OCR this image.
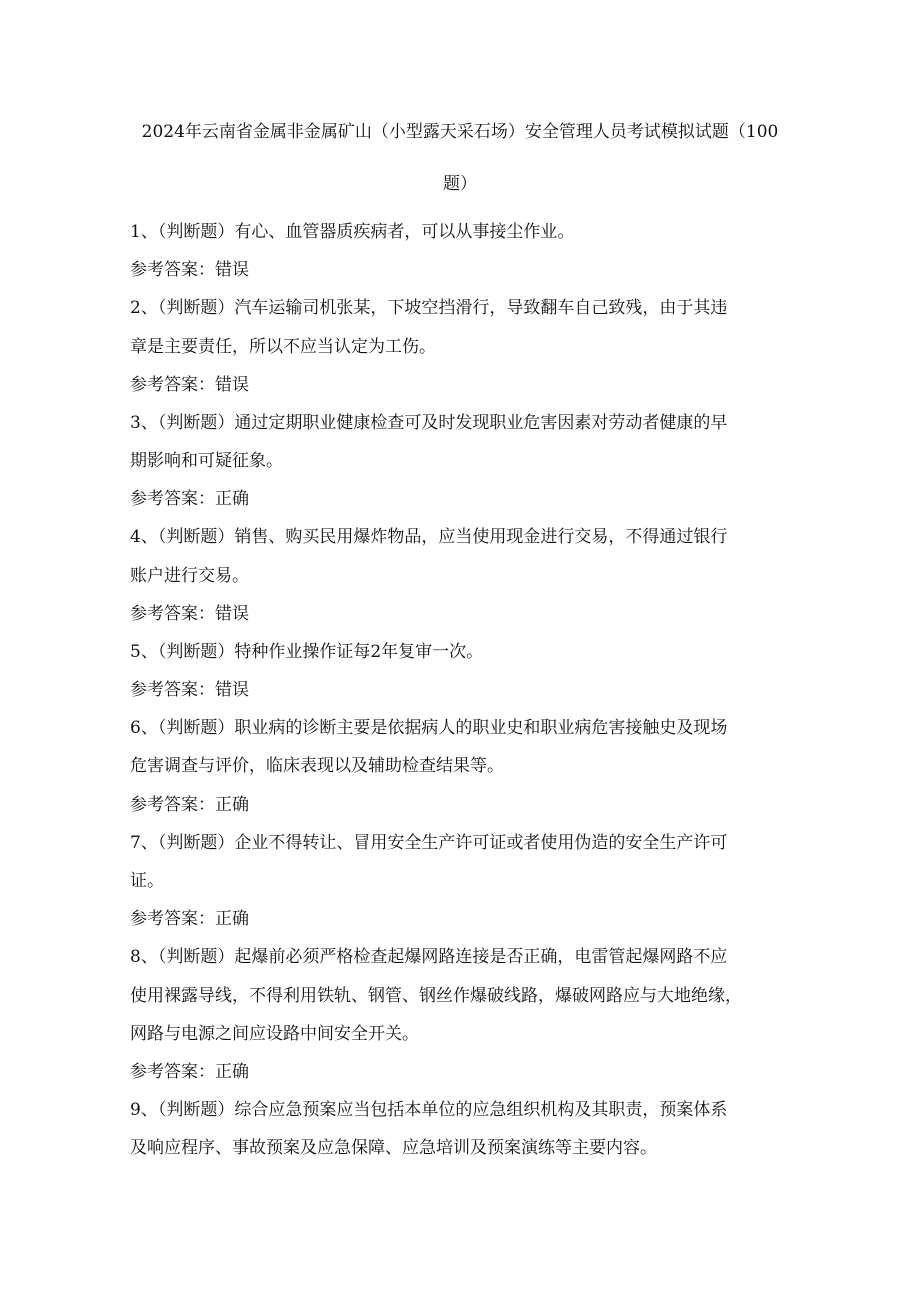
2024年云南省金属非金属矿山（小型露天采石场）安全管理人员考试模拟试题（100
题）
1、（判断题）有心、血管器质疾病者，可以从事接尘作业。
参考答案：错误
2、（判断题）汽车运输司机张某，下坡空挡滑行，导致翻车自己致残，由于其违
章是主要责任，所以不应当认定为工伤。
参考答案：错误
3、（判断题）通过定期职业健康检查可及时发现职业危害因素对劳动者健康的早
期影响和可疑征象。
参考答案：正确
4、（判断题）销售、购买民用爆炸物品，应当使用现金进行交易，不得通过银行
账户进行交易。
参考答案：错误
5、（判断题）特种作业操作证每2年复审一次。
参考答案：错误
6、（判断题）职业病的诊断主要是依据病人的职业史和职业病危害接触史及现场
危害调查与评价，临床表现以及辅助检查结果等。
参考答案：正确
7、（判断题）企业不得转让、冒用安全生产许可证或者使用伪造的安全生产许可
证。
参考答案：正确
8、（判断题）起爆前必须严格检查起爆网路连接是否正确，电雷管起爆网路不应
使用裸露导线，不得利用铁轨、钢管、钢丝作爆破线路，爆破网路应与大地绝缘，
网路与电源之间应设路中间安全开关。
参考答案：正确
9、（判断题）综合应急预案应当包括本单位的应急组织机构及其职责，预案体系
及响应程序、事故预案及应急保障、应急培训及预案演练等主要内容。
